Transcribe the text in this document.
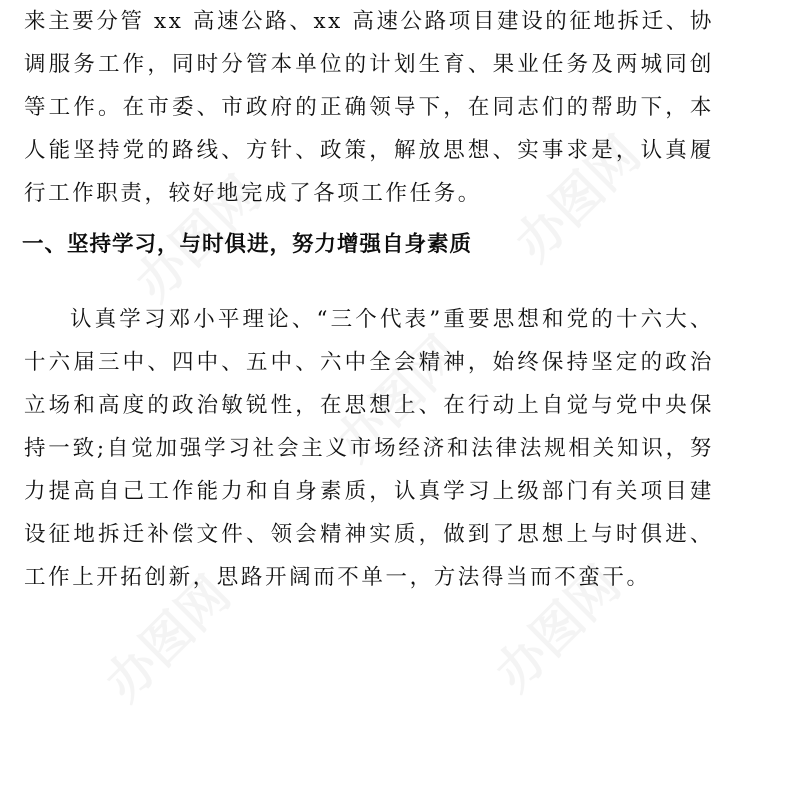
来主要分管 xx 高速公路、xx 高速公路项目建设的征地拆迁、协调服务工作，同时分管本单位的计划生育、果业任务及两城同创等工作。在市委、市政府的正确领导下，在同志们的帮助下，本人能坚持党的路线、方针、政策，解放思想、实事求是，认真履行工作职责，较好地完成了各项工作任务。

一、坚持学习，与时俱进，努力增强自身素质

认真学习邓小平理论、“三个代表”重要思想和党的十六大、十六届三中、四中、五中、六中全会精神，始终保持坚定的政治立场和高度的政治敏锐性，在思想上、在行动上自觉与党中央保持一致;自觉加强学习社会主义市场经济和法律法规相关知识，努力提高自己工作能力和自身素质，认真学习上级部门有关项目建设征地拆迁补偿文件、领会精神实质，做到了思想上与时俱进、工作上开拓创新，思路开阔而不单一，方法得当而不蛮干。
